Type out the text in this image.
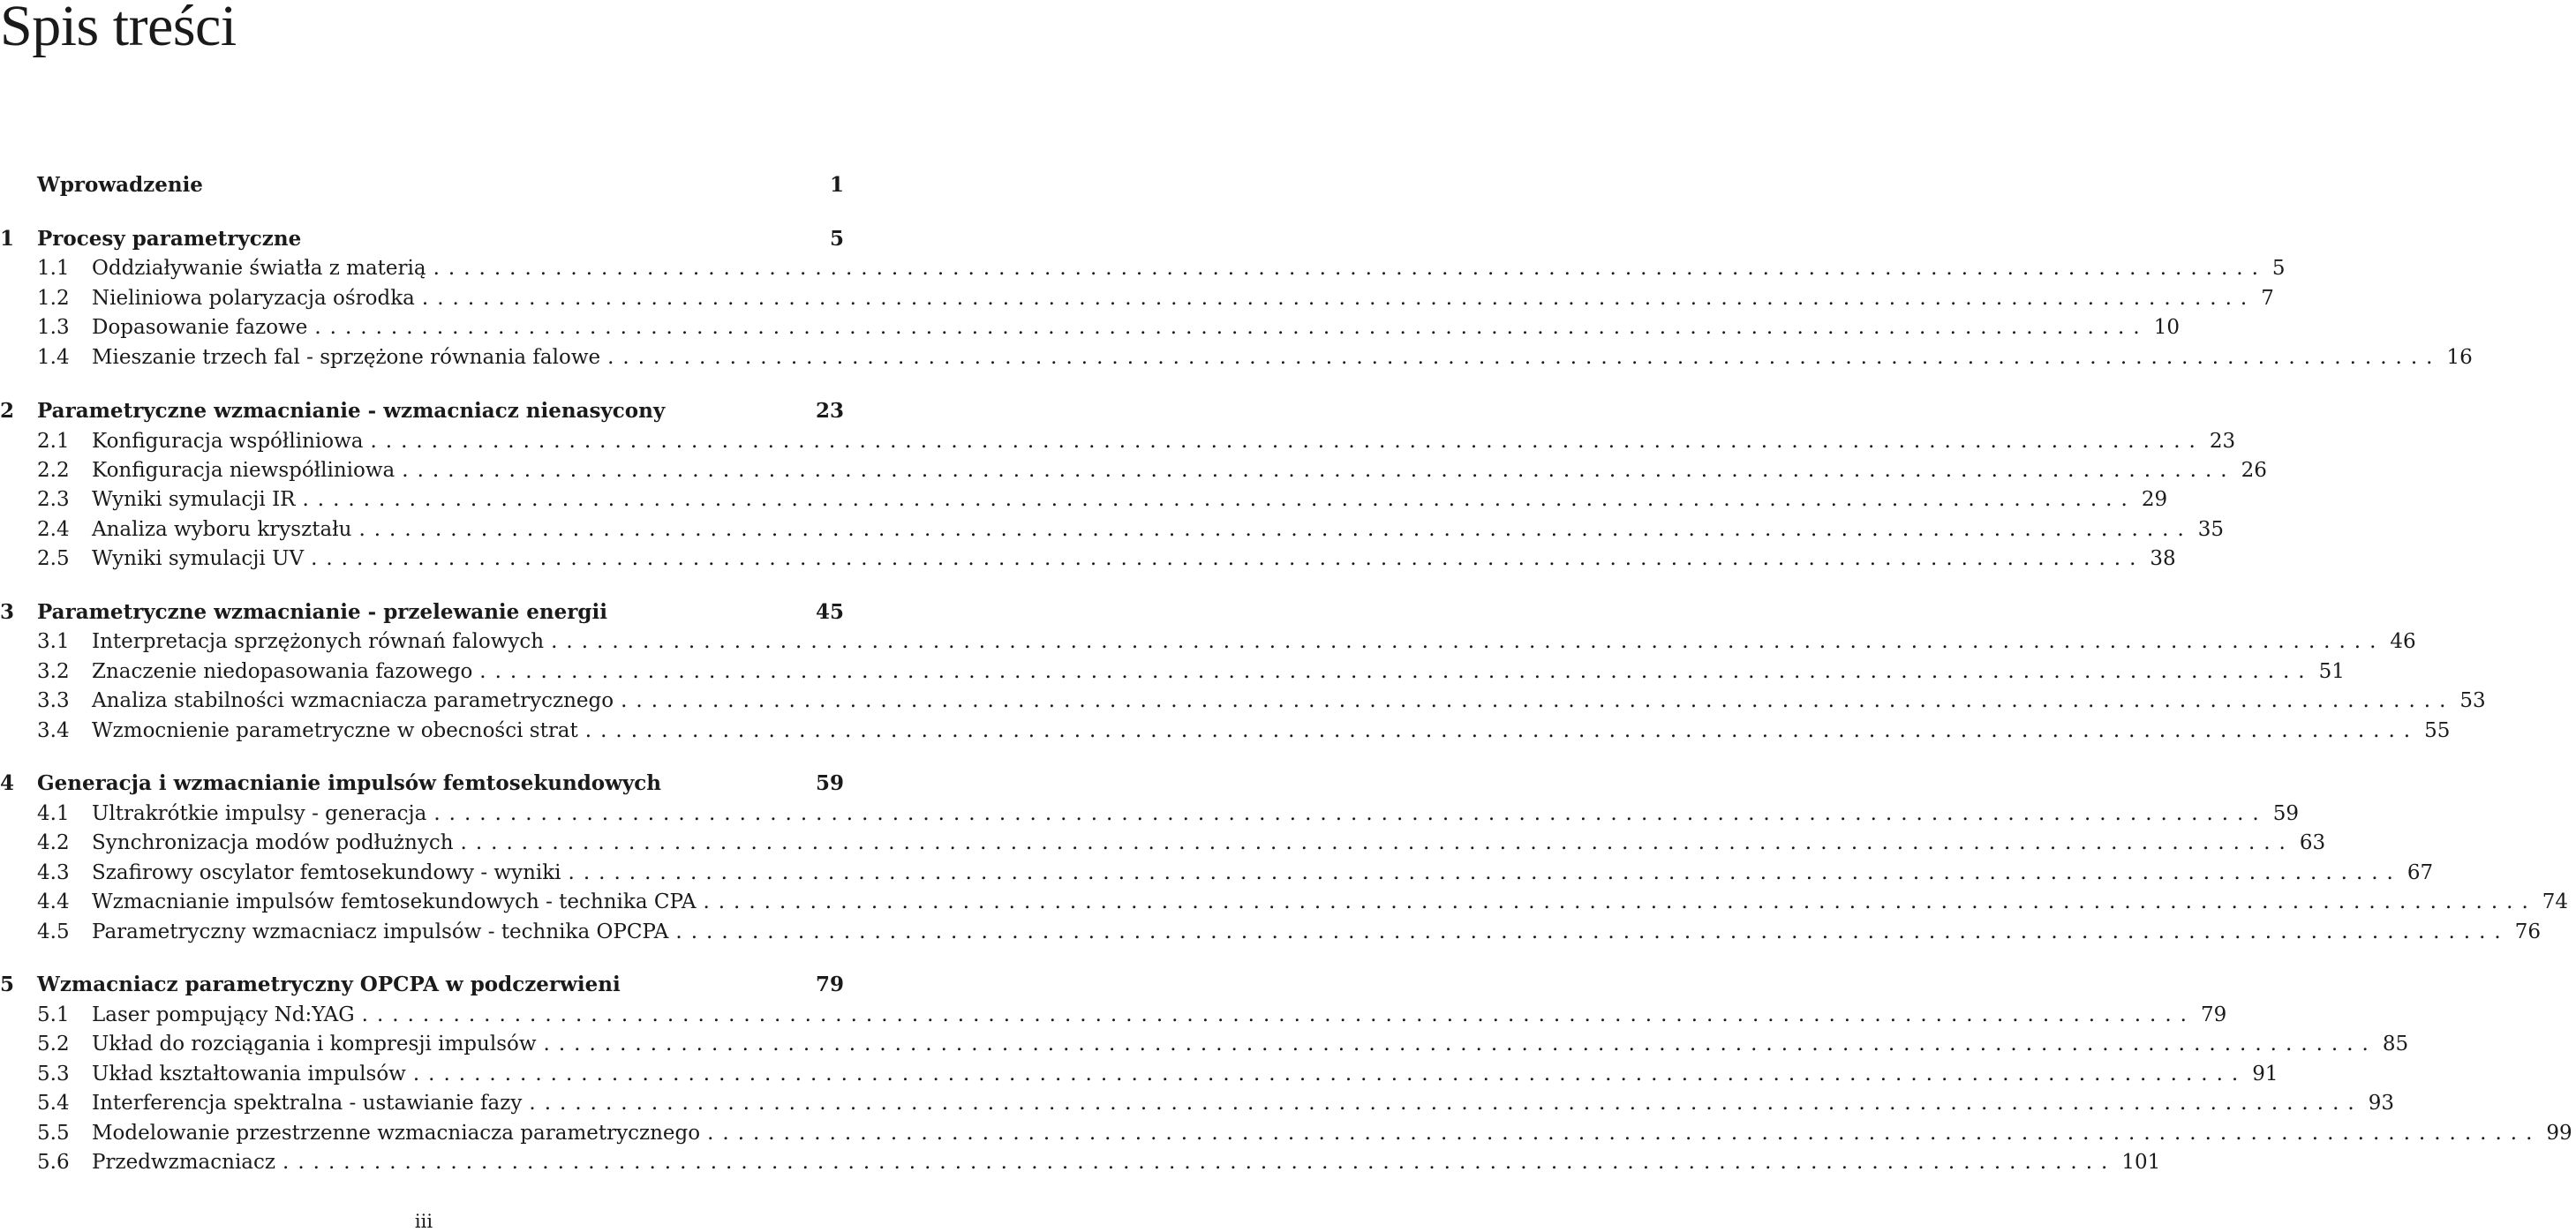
Spis treści
Wprowadzenie	1
1	Procesy parametryczne	5
1.1	Oddziaływanie światła z materią ........................................................................................................................ 5
1.2	Nieliniowa polaryzacja ośrodka ........................................................................................................................ 7
1.3	Dopasowanie fazowe ........................................................................................................................ 10
1.4	Mieszanie trzech fal - sprzężone równania falowe ........................................................................................................................ 16
2	Parametryczne wzmacnianie - wzmacniacz nienasycony	23
2.1	Konfiguracja współliniowa ........................................................................................................................ 23
2.2	Konfiguracja niewspółliniowa ........................................................................................................................ 26
2.3	Wyniki symulacji IR ........................................................................................................................ 29
2.4	Analiza wyboru kryształu ........................................................................................................................ 35
2.5	Wyniki symulacji UV ........................................................................................................................ 38
3	Parametryczne wzmacnianie - przelewanie energii	45
3.1	Interpretacja sprzężonych równań falowych ........................................................................................................................ 46
3.2	Znaczenie niedopasowania fazowego ........................................................................................................................ 51
3.3	Analiza stabilności wzmacniacza parametrycznego ........................................................................................................................ 53
3.4	Wzmocnienie parametryczne w obecności strat ........................................................................................................................ 55
4	Generacja i wzmacnianie impulsów femtosekundowych	59
4.1	Ultrakrótkie impulsy - generacja ........................................................................................................................ 59
4.2	Synchronizacja modów podłużnych ........................................................................................................................ 63
4.3	Szafirowy oscylator femtosekundowy - wyniki ........................................................................................................................ 67
4.4	Wzmacnianie impulsów femtosekundowych - technika CPA ........................................................................................................................ 74
4.5	Parametryczny wzmacniacz impulsów - technika OPCPA ........................................................................................................................ 76
5	Wzmacniacz parametryczny OPCPA w podczerwieni	79
5.1	Laser pompujący Nd:YAG ........................................................................................................................ 79
5.2	Układ do rozciągania i kompresji impulsów ........................................................................................................................ 85
5.3	Układ kształtowania impulsów ........................................................................................................................ 91
5.4	Interferencja spektralna - ustawianie fazy ........................................................................................................................ 93
5.5	Modelowanie przestrzenne wzmacniacza parametrycznego ........................................................................................................................ 99
5.6	Przedwzmacniacz ........................................................................................................................ 101
iii
